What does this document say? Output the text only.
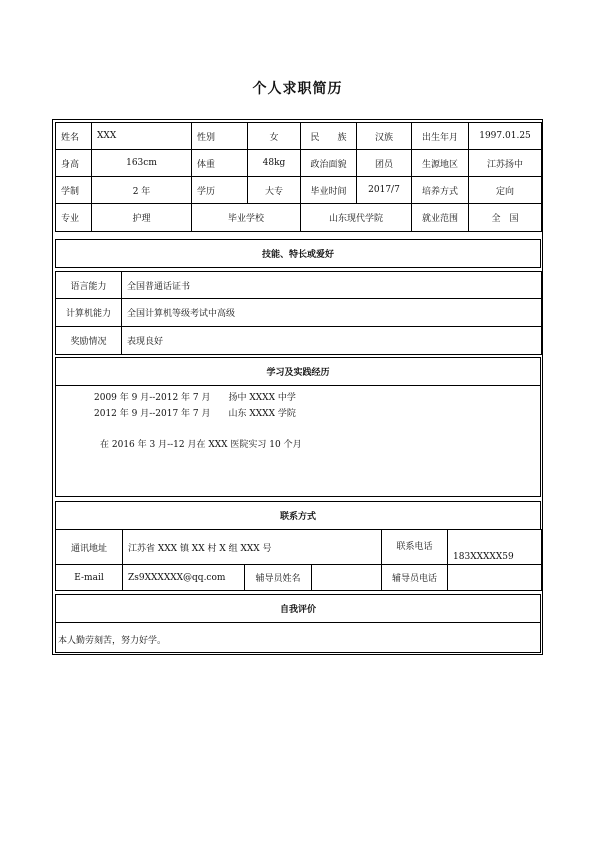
个人求职简历
姓名	XXX	性别	女	民　　族	汉族	出生年月	1997.01.25
身高	163cm	体重	48kg	政治面貌	团员	生源地区	江苏扬中
学制	2 年	学历	大专	毕业时间	2017/7	培养方式	定向
专业	护理	毕业学校		山东现代学院		就业范围	全　国
技能、特长或爱好
语言能力	全国普通话证书
计算机能力	全国计算机等级考试中高级
奖励情况	表现良好
学习及实践经历
2009 年 9 月--2012 年 7 月　　扬中 XXXX 中学
2012 年 9 月--2017 年 7 月　　山东 XXXX 学院
在 2016 年 3 月--12 月在 XXX 医院实习 10 个月
联系方式
通讯地址	江苏省 XXX 镇 XX 村 X 组 XXX 号			联系电话	183XXXXX59
E-mail	Zs9XXXXXX@qq.com	辅导员姓名		辅导员电话	
自我评价
本人勤劳刻苦，努力好学。
